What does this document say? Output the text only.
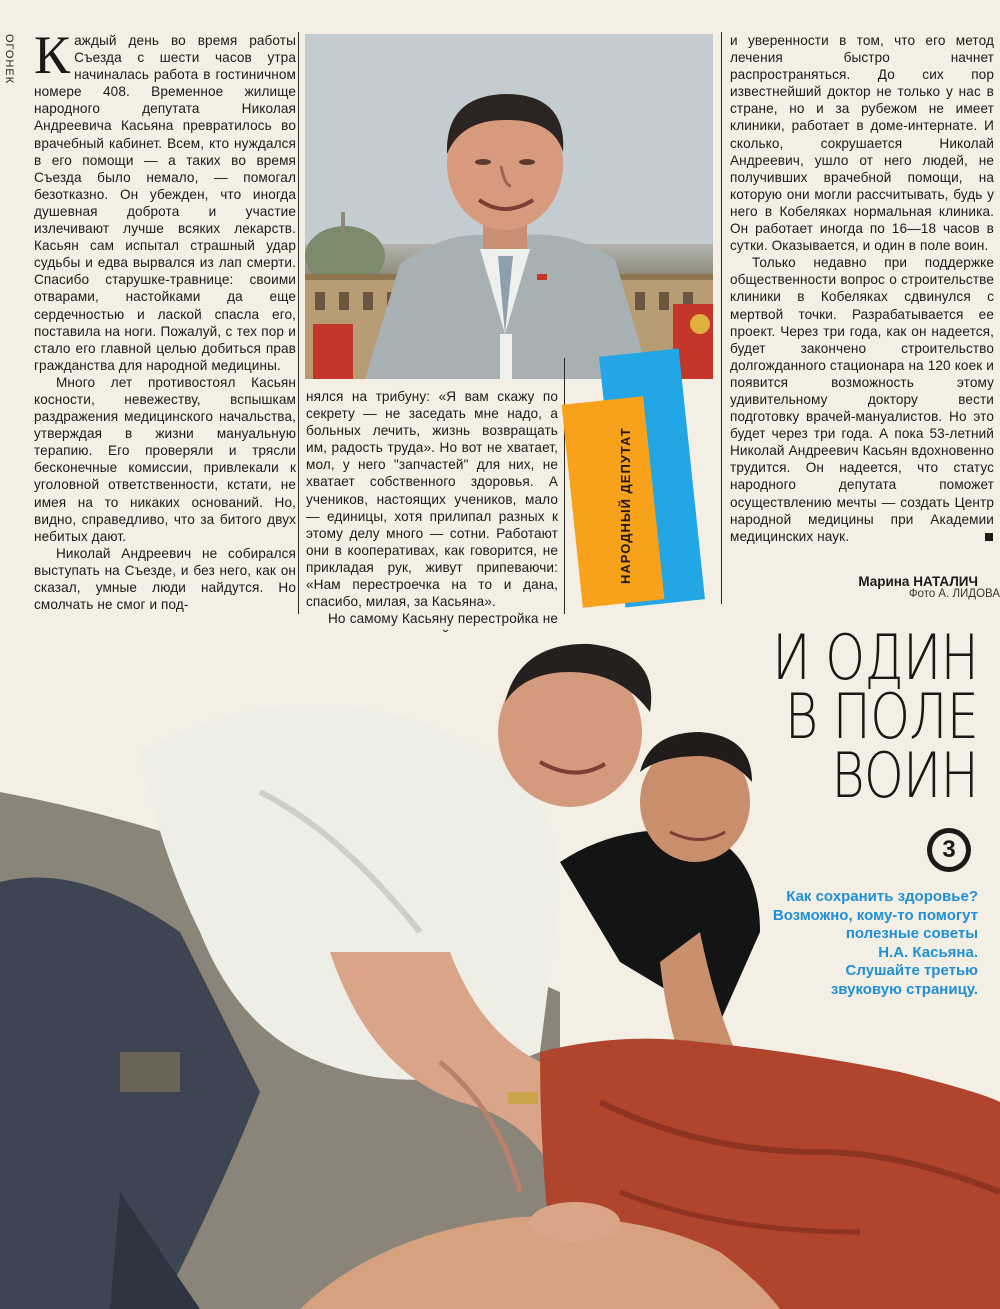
ОГОНЕК Каждый день во время работы Съезда с шести часов утра начиналась работа в гостиничном номере 408. Временное жилище народного депутата Николая Андреевича Касьяна превратилось во врачебный кабинет. Всем, кто нуждался в его помощи — а таких во время Съезда было немало, — помогал безотказно. Он убежден, что иногда душевная доброта и участие излечивают лучше всяких лекарств. Касьян сам испытал страшный удар судьбы и едва вырвался из лап смерти. Спасибо старушке-травнице: своими отварами, настойками да еще сердечностью и лаской спасла его, поставила на ноги. Пожалуй, с тех пор и стало его главной целью добиться прав гражданства для народной медицины.

Много лет противостоял Касьян косности, невежеству, вспышкам раздражения медицинского начальства, утверждая в жизни мануальную терапию. Его проверяли и трясли бесконечные комиссии, привлекали к уголовной ответственности, кстати, не имея на то никаких оснований. Но, видно, справедливо, что за битого двух небитых дают.

Николай Андреевич не собирался выступать на Съезде, и без него, как он сказал, умные люди найдутся. Но смолчать не смог и под-

нялся на трибуну: «Я вам скажу по секрету — не заседать мне надо, а больных лечить, жизнь возвращать им, радость труда». Но вот не хватает, мол, у него "запчастей" для них, не хватает собственного здоровья. А учеников, настоящих учеников, мало — единицы, хотя прилипал разных к этому делу много — сотни. Работают они в кооперативах, как говорится, не прикладая рук, живут припеваючи: «Нам перестроечка на то и дана, спасибо, милая, за Касьяна».

Но самому Касьяну перестройка не

НАРОДНЫЙ ДЕПУТАТ

и уверенности в том, что его метод лечения быстро начнет распространяться. До сих пор известнейший доктор не только у нас в стране, но и за рубежом не имеет клиники, работает в доме-интернате. И сколько, сокрушается Николай Андреевич, ушло от него людей, не получивших врачебной помощи, на которую они могли рассчитывать, будь у него в Кобеляках нормальная клиника. Он работает иногда по 16—18 часов в сутки. Оказывается, и один в поле воин.

Только недавно при поддержке общественности вопрос о строительстве клиники в Кобеляках сдвинулся с мертвой точки. Разрабатывается ее проект. Через три года, как он надеется, будет закончено строительство долгожданного стационара на 120 коек и появится возможность этому удивительному доктору вести подготовку врачей-мануалистов. Но это будет через три года. А пока 53-летний Николай Андреевич Касьян вдохновенно трудится. Он надеется, что статус народного депутата поможет осуществлению мечты — создать Центр народной медицины при Академии медицинских наук.

Марина НАТАЛИЧ
Фото А. ЛИДОВА
И ОДИН
В ПОЛЕ
ВОИН
3
Как сохранить здоровье?
Возможно, кому-то помогут
полезные советы
Н.А. Касьяна.
Слушайте третью
звуковую страницу.
